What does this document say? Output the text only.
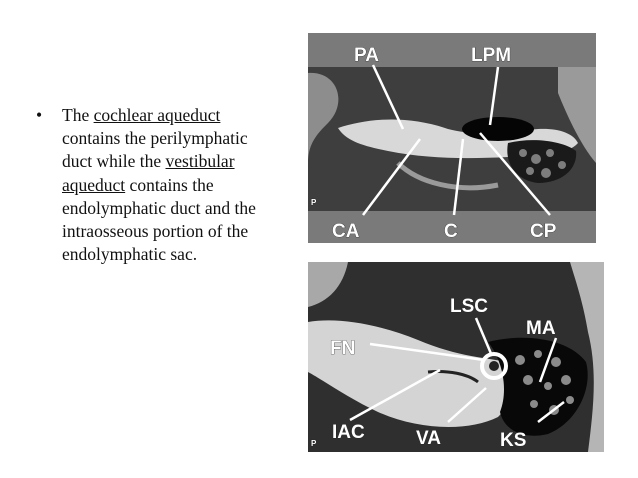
• The cochlear aqueduct contains the perilymphatic duct while the vestibular aqueduct contains the endolymphatic duct and the intraosseous portion of the endolymphatic sac.
PA	LPM
CA	C	CP
P
LSC
MA
FN
IAC	VA	KS
P
